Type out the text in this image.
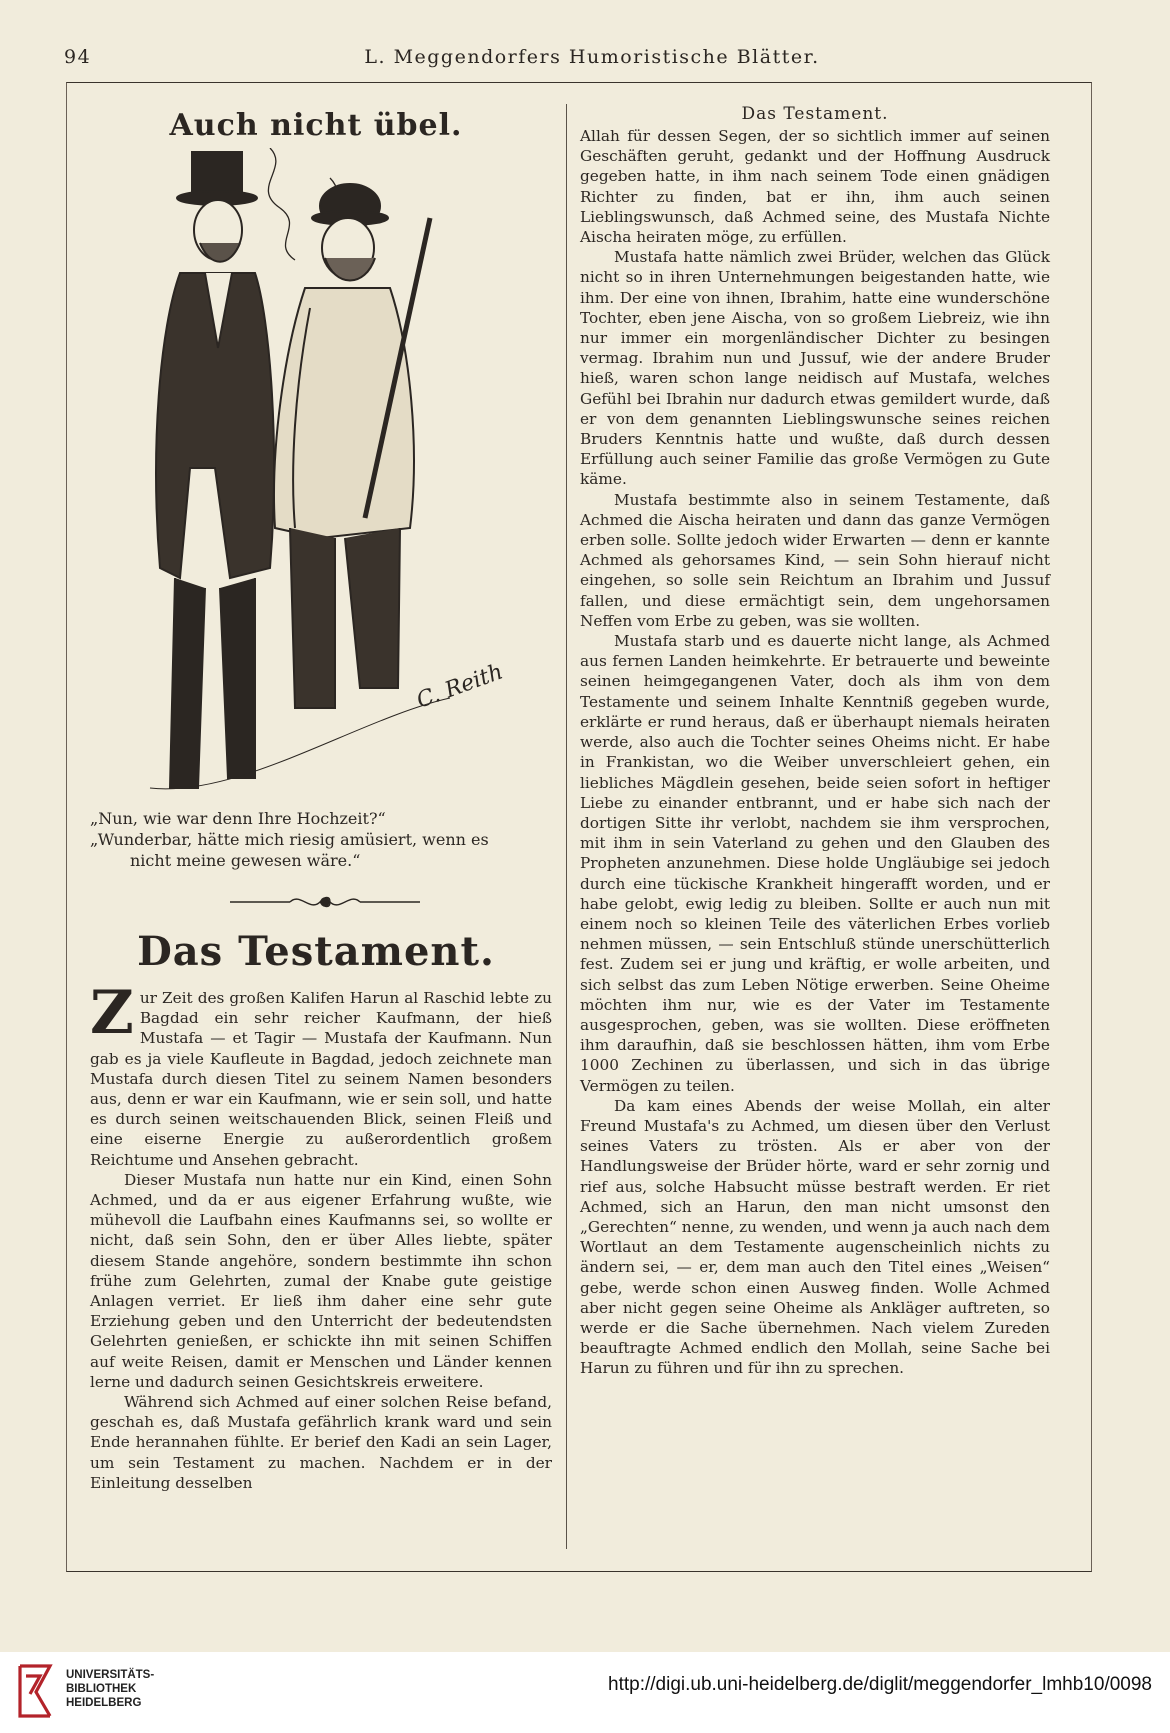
94	L. Meggendorfers Humoristische Blätter.
Auch nicht übel.
C. Reith

„Nun, wie war denn Ihre Hochzeit?“

„Wunderbar, hätte mich riesig amüsiert, wenn es

nicht meine gewesen wäre.“

Das Testament.

Zur Zeit des großen Kalifen Harun al Raschid lebte zu Bagdad ein sehr reicher Kaufmann, der hieß Mustafa — et Tagir — Mustafa der Kaufmann. Nun gab es ja viele Kaufleute in Bagdad, jedoch zeichnete man Mustafa durch diesen Titel zu seinem Namen besonders aus, denn er war ein Kaufmann, wie er sein soll, und hatte es durch seinen weitschauenden Blick, seinen Fleiß und eine eiserne Energie zu außerordentlich großem Reichtume und Ansehen gebracht.

Dieser Mustafa nun hatte nur ein Kind, einen Sohn Achmed, und da er aus eigener Erfahrung wußte, wie mühevoll die Laufbahn eines Kaufmanns sei, so wollte er nicht, daß sein Sohn, den er über Alles liebte, später diesem Stande angehöre, sondern bestimmte ihn schon frühe zum Gelehrten, zumal der Knabe gute geistige Anlagen verriet. Er ließ ihm daher eine sehr gute Erziehung geben und den Unterricht der bedeutendsten Gelehrten genießen, er schickte ihn mit seinen Schiffen auf weite Reisen, damit er Menschen und Länder kennen lerne und dadurch seinen Gesichtskreis erweitere.

Während sich Achmed auf einer solchen Reise befand, geschah es, daß Mustafa gefährlich krank ward und sein Ende herannahen fühlte. Er berief den Kadi an sein Lager, um sein Testament zu machen. Nachdem er in der Einleitung desselben

Das Testament.

Allah für dessen Segen, der so sichtlich immer auf seinen Geschäften geruht, gedankt und der Hoffnung Ausdruck gegeben hatte, in ihm nach seinem Tode einen gnädigen Richter zu finden, bat er ihn, ihm auch seinen Lieblingswunsch, daß Achmed seine, des Mustafa Nichte Aischa heiraten möge, zu erfüllen.

Mustafa hatte nämlich zwei Brüder, welchen das Glück nicht so in ihren Unternehmungen beigestanden hatte, wie ihm. Der eine von ihnen, Ibrahim, hatte eine wunderschöne Tochter, eben jene Aischa, von so großem Liebreiz, wie ihn nur immer ein morgenländischer Dichter zu besingen vermag. Ibrahim nun und Jussuf, wie der andere Bruder hieß, waren schon lange neidisch auf Mustafa, welches Gefühl bei Ibrahin nur dadurch etwas gemildert wurde, daß er von dem genannten Lieblingswunsche seines reichen Bruders Kenntnis hatte und wußte, daß durch dessen Erfüllung auch seiner Familie das große Vermögen zu Gute käme.

Mustafa bestimmte also in seinem Testamente, daß Achmed die Aischa heiraten und dann das ganze Vermögen erben solle. Sollte jedoch wider Erwarten — denn er kannte Achmed als gehorsames Kind, — sein Sohn hierauf nicht eingehen, so solle sein Reichtum an Ibrahim und Jussuf fallen, und diese ermächtigt sein, dem ungehorsamen Neffen vom Erbe zu geben, was sie wollten.

Mustafa starb und es dauerte nicht lange, als Achmed aus fernen Landen heimkehrte. Er betrauerte und beweinte seinen heimgegangenen Vater, doch als ihm von dem Testamente und seinem Inhalte Kenntniß gegeben wurde, erklärte er rund heraus, daß er überhaupt niemals heiraten werde, also auch die Tochter seines Oheims nicht. Er habe in Frankistan, wo die Weiber unverschleiert gehen, ein liebliches Mägdlein gesehen, beide seien sofort in heftiger Liebe zu einander entbrannt, und er habe sich nach der dortigen Sitte ihr verlobt, nachdem sie ihm versprochen, mit ihm in sein Vaterland zu gehen und den Glauben des Propheten anzunehmen. Diese holde Ungläubige sei jedoch durch eine tückische Krankheit hingerafft worden, und er habe gelobt, ewig ledig zu bleiben. Sollte er auch nun mit einem noch so kleinen Teile des väterlichen Erbes vorlieb nehmen müssen, — sein Entschluß stünde unerschütterlich fest. Zudem sei er jung und kräftig, er wolle arbeiten, und sich selbst das zum Leben Nötige erwerben. Seine Oheime möchten ihm nur, wie es der Vater im Testamente ausgesprochen, geben, was sie wollten. Diese eröffneten ihm daraufhin, daß sie beschlossen hätten, ihm vom Erbe 1000 Zechinen zu überlassen, und sich in das übrige Vermögen zu teilen.

Da kam eines Abends der weise Mollah, ein alter Freund Mustafa's zu Achmed, um diesen über den Verlust seines Vaters zu trösten. Als er aber von der Handlungsweise der Brüder hörte, ward er sehr zornig und rief aus, solche Habsucht müsse bestraft werden. Er riet Achmed, sich an Harun, den man nicht umsonst den „Gerechten“ nenne, zu wenden, und wenn ja auch nach dem Wortlaut an dem Testamente augenscheinlich nichts zu ändern sei, — er, dem man auch den Titel eines „Weisen“ gebe, werde schon einen Ausweg finden. Wolle Achmed aber nicht gegen seine Oheime als Ankläger auftreten, so werde er die Sache übernehmen. Nach vielem Zureden beauftragte Achmed endlich den Mollah, seine Sache bei Harun zu führen und für ihn zu sprechen.

UNIVERSITÄTS-
BIBLIOTHEK
HEIDELBERG
http://digi.ub.uni-heidelberg.de/diglit/meggendorfer_lmhb10/0098
